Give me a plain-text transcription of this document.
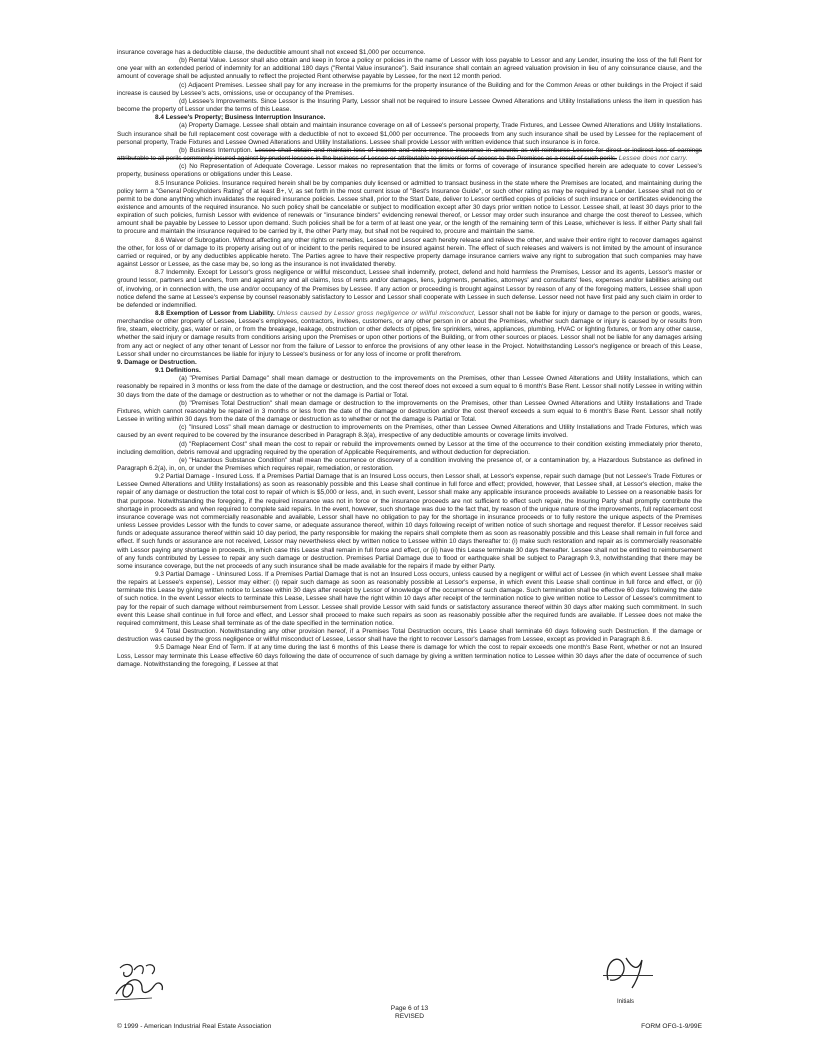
insurance coverage has a deductible clause, the deductible amount shall not exceed $1,000 per occurrence.

(b) Rental Value. Lessor shall also obtain and keep in force a policy or policies in the name of Lessor with loss payable to Lessor and any Lender, insuring the loss of the full Rent for one year with an extended period of indemnity for an additional 180 days ("Rental Value insurance"). Said insurance shall contain an agreed valuation provision in lieu of any coinsurance clause, and the amount of coverage shall be adjusted annually to reflect the projected Rent otherwise payable by Lessee, for the next 12 month period.

(c) Adjacent Premises. Lessee shall pay for any increase in the premiums for the property insurance of the Building and for the Common Areas or other buildings in the Project if said increase is caused by Lessee's acts, omissions, use or occupancy of the Premises.

(d) Lessee's Improvements. Since Lessor is the Insuring Party, Lessor shall not be required to insure Lessee Owned Alterations and Utility Installations unless the item in question has become the property of Lessor under the terms of this Lease.

8.4 Lessee's Property; Business Interruption Insurance.

(a) Property Damage. Lessee shall obtain and maintain insurance coverage on all of Lessee's personal property, Trade Fixtures, and Lessee Owned Alterations and Utility Installations. Such insurance shall be full replacement cost coverage with a deductible of not to exceed $1,000 per occurrence. The proceeds from any such insurance shall be used by Lessee for the replacement of personal property, Trade Fixtures and Lessee Owned Alterations and Utility Installations. Lessee shall provide Lessor with written evidence that such insurance is in force.

(b) Business Interruption. Lessee shall obtain and maintain loss of income and extra expense insurance in amounts as will reimburse Lessee for direct or indirect loss of earnings attributable to all perils commonly insured against by prudent lessees in the business of Lessee or attributable to prevention of access to the Premises as a result of such perils. Lessee does not carry.

(c) No Representation of Adequate Coverage. Lessor makes no representation that the limits or forms of coverage of insurance specified herein are adequate to cover Lessee's property, business operations or obligations under this Lease.

8.5 Insurance Policies. Insurance required herein shall be by companies duly licensed or admitted to transact business in the state where the Premises are located, and maintaining during the policy term a "General Policyholders Rating" of at least B+, V, as set forth in the most current issue of "Best's Insurance Guide", or such other rating as may be required by a Lender. Lessee shall not do or permit to be done anything which invalidates the required insurance policies. Lessee shall, prior to the Start Date, deliver to Lessor certified copies of policies of such insurance or certificates evidencing the existence and amounts of the required insurance. No such policy shall be cancelable or subject to modification except after 30 days prior written notice to Lessor. Lessee shall, at least 30 days prior to the expiration of such policies, furnish Lessor with evidence of renewals or "insurance binders" evidencing renewal thereof, or Lessor may order such insurance and charge the cost thereof to Lessee, which amount shall be payable by Lessee to Lessor upon demand. Such policies shall be for a term of at least one year, or the length of the remaining term of this Lease, whichever is less. If either Party shall fail to procure and maintain the insurance required to be carried by it, the other Party may, but shall not be required to, procure and maintain the same.

8.6 Waiver of Subrogation. Without affecting any other rights or remedies, Lessee and Lessor each hereby release and relieve the other, and waive their entire right to recover damages against the other, for loss of or damage to its property arising out of or incident to the perils required to be insured against herein. The effect of such releases and waivers is not limited by the amount of insurance carried or required, or by any deductibles applicable hereto. The Parties agree to have their respective property damage insurance carriers waive any right to subrogation that such companies may have against Lessor or Lessee, as the case may be, so long as the insurance is not invalidated thereby.

8.7 Indemnity. Except for Lessor's gross negligence or willful misconduct, Lessee shall indemnify, protect, defend and hold harmless the Premises, Lessor and its agents, Lessor's master or ground lessor, partners and Lenders, from and against any and all claims, loss of rents and/or damages, liens, judgments, penalties, attorneys' and consultants' fees, expenses and/or liabilities arising out of, involving, or in connection with, the use and/or occupancy of the Premises by Lessee. If any action or proceeding is brought against Lessor by reason of any of the foregoing matters, Lessee shall upon notice defend the same at Lessee's expense by counsel reasonably satisfactory to Lessor and Lessor shall cooperate with Lessee in such defense. Lessor need not have first paid any such claim in order to be defended or indemnified.

8.8 Exemption of Lessor from Liability. Unless caused by Lessor gross negligence or willful misconduct, Lessor shall not be liable for injury or damage to the person or goods, wares, merchandise or other property of Lessee, Lessee's employees, contractors, invitees, customers, or any other person in or about the Premises, whether such damage or injury is caused by or results from fire, steam, electricity, gas, water or rain, or from the breakage, leakage, obstruction or other defects of pipes, fire sprinklers, wires, appliances, plumbing, HVAC or lighting fixtures, or from any other cause, whether the said injury or damage results from conditions arising upon the Premises or upon other portions of the Building, or from other sources or places. Lessor shall not be liable for any damages arising from any act or neglect of any other tenant of Lessor nor from the failure of Lessor to enforce the provisions of any other lease in the Project. Notwithstanding Lessor's negligence or breach of this Lease, Lessor shall under no circumstances be liable for injury to Lessee's business or for any loss of income or profit therefrom.

9. Damage or Destruction.

9.1 Definitions.

(a) "Premises Partial Damage" shall mean damage or destruction to the improvements on the Premises, other than Lessee Owned Alterations and Utility Installations, which can reasonably be repaired in 3 months or less from the date of the damage or destruction, and the cost thereof does not exceed a sum equal to 6 month's Base Rent. Lessor shall notify Lessee in writing within 30 days from the date of the damage or destruction as to whether or not the damage is Partial or Total.

(b) "Premises Total Destruction" shall mean damage or destruction to the improvements on the Premises, other than Lessee Owned Alterations and Utility Installations and Trade Fixtures, which cannot reasonably be repaired in 3 months or less from the date of the damage or destruction and/or the cost thereof exceeds a sum equal to 6 month's Base Rent. Lessor shall notify Lessee in writing within 30 days from the date of the damage or destruction as to whether or not the damage is Partial or Total.

(c) "Insured Loss" shall mean damage or destruction to improvements on the Premises, other than Lessee Owned Alterations and Utility Installations and Trade Fixtures, which was caused by an event required to be covered by the insurance described in Paragraph 8.3(a), irrespective of any deductible amounts or coverage limits involved.

(d) "Replacement Cost" shall mean the cost to repair or rebuild the improvements owned by Lessor at the time of the occurrence to their condition existing immediately prior thereto, including demolition, debris removal and upgrading required by the operation of Applicable Requirements, and without deduction for depreciation.

(e) "Hazardous Substance Condition" shall mean the occurrence or discovery of a condition involving the presence of, or a contamination by, a Hazardous Substance as defined in Paragraph 6.2(a), in, on, or under the Premises which requires repair, remediation, or restoration.

9.2 Partial Damage - Insured Loss. If a Premises Partial Damage that is an Insured Loss occurs, then Lessor shall, at Lessor's expense, repair such damage (but not Lessee's Trade Fixtures or Lessee Owned Alterations and Utility Installations) as soon as reasonably possible and this Lease shall continue in full force and effect; provided, however, that Lessee shall, at Lessor's election, make the repair of any damage or destruction the total cost to repair of which is $5,000 or less, and, in such event, Lessor shall make any applicable insurance proceeds available to Lessee on a reasonable basis for that purpose. Notwithstanding the foregoing, if the required insurance was not in force or the insurance proceeds are not sufficient to effect such repair, the Insuring Party shall promptly contribute the shortage in proceeds as and when required to complete said repairs. In the event, however, such shortage was due to the fact that, by reason of the unique nature of the improvements, full replacement cost insurance coverage was not commercially reasonable and available, Lessor shall have no obligation to pay for the shortage in insurance proceeds or to fully restore the unique aspects of the Premises unless Lessee provides Lessor with the funds to cover same, or adequate assurance thereof, within 10 days following receipt of written notice of such shortage and request therefor. If Lessor receives said funds or adequate assurance thereof within said 10 day period, the party responsible for making the repairs shall complete them as soon as reasonably possible and this Lease shall remain in full force and effect. If such funds or assurance are not received, Lessor may nevertheless elect by written notice to Lessee within 10 days thereafter to: (i) make such restoration and repair as is commercially reasonable with Lessor paying any shortage in proceeds, in which case this Lease shall remain in full force and effect, or (ii) have this Lease terminate 30 days thereafter. Lessee shall not be entitled to reimbursement of any funds contributed by Lessee to repair any such damage or destruction. Premises Partial Damage due to flood or earthquake shall be subject to Paragraph 9.3, notwithstanding that there may be some insurance coverage, but the net proceeds of any such insurance shall be made available for the repairs if made by either Party.

9.3 Partial Damage - Uninsured Loss. If a Premises Partial Damage that is not an Insured Loss occurs, unless caused by a negligent or willful act of Lessee (in which event Lessee shall make the repairs at Lessee's expense), Lessor may either: (i) repair such damage as soon as reasonably possible at Lessor's expense, in which event this Lease shall continue in full force and effect, or (ii) terminate this Lease by giving written notice to Lessee within 30 days after receipt by Lessor of knowledge of the occurrence of such damage. Such termination shall be effective 60 days following the date of such notice. In the event Lessor elects to terminate this Lease, Lessee shall have the right within 10 days after receipt of the termination notice to give written notice to Lessor of Lessee's commitment to pay for the repair of such damage without reimbursement from Lessor. Lessee shall provide Lessor with said funds or satisfactory assurance thereof within 30 days after making such commitment. In such event this Lease shall continue in full force and effect, and Lessor shall proceed to make such repairs as soon as reasonably possible after the required funds are available. If Lessee does not make the required commitment, this Lease shall terminate as of the date specified in the termination notice.

9.4 Total Destruction. Notwithstanding any other provision hereof, if a Premises Total Destruction occurs, this Lease shall terminate 60 days following such Destruction. If the damage or destruction was caused by the gross negligence or willful misconduct of Lessee, Lessor shall have the right to recover Lessor's damages from Lessee, except as provided in Paragraph 8.6.

9.5 Damage Near End of Term. If at any time during the last 6 months of this Lease there is damage for which the cost to repair exceeds one month's Base Rent, whether or not an Insured Loss, Lessor may terminate this Lease effective 60 days following the date of occurrence of such damage by giving a written termination notice to Lessee within 30 days after the date of occurrence of such damage. Notwithstanding the foregoing, if Lessee at that

Initials
© 1999 - American Industrial Real Estate Association
Page 6 of 13
REVISED
FORM OFG-1-9/99E
